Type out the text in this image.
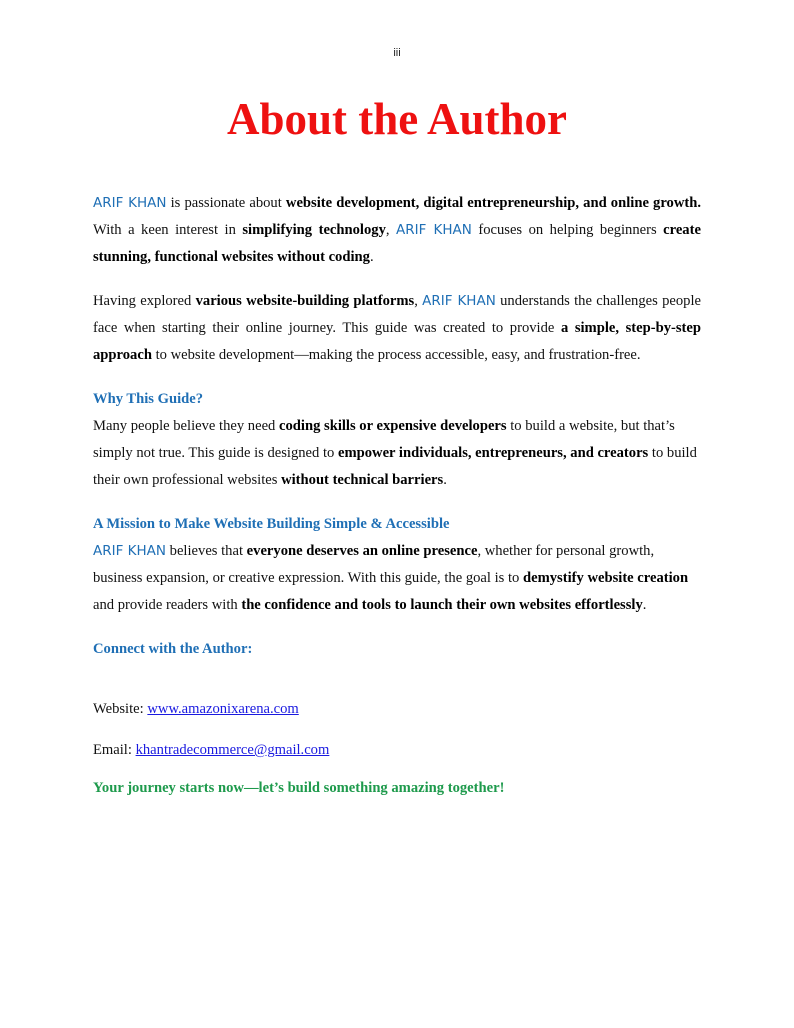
iii
About the Author

ARIF KHAN is passionate about website development, digital entrepreneurship, and online growth. With a keen interest in simplifying technology, ARIF KHAN focuses on helping beginners create stunning, functional websites without coding.

Having explored various website-building platforms, ARIF KHAN understands the challenges people face when starting their online journey. This guide was created to provide a simple, step-by-step approach to website development—making the process accessible, easy, and frustration-free.

Why This Guide?

Many people believe they need coding skills or expensive developers to build a website, but that’s simply not true. This guide is designed to empower individuals, entrepreneurs, and creators to build their own professional websites without technical barriers.

A Mission to Make Website Building Simple & Accessible

ARIF KHAN believes that everyone deserves an online presence, whether for personal growth, business expansion, or creative expression. With this guide, the goal is to demystify website creation and provide readers with the confidence and tools to launch their own websites effortlessly.

Connect with the Author:

Website: www.amazonixarena.com

Email: khantradecommerce@gmail.com

Your journey starts now—let’s build something amazing together!
